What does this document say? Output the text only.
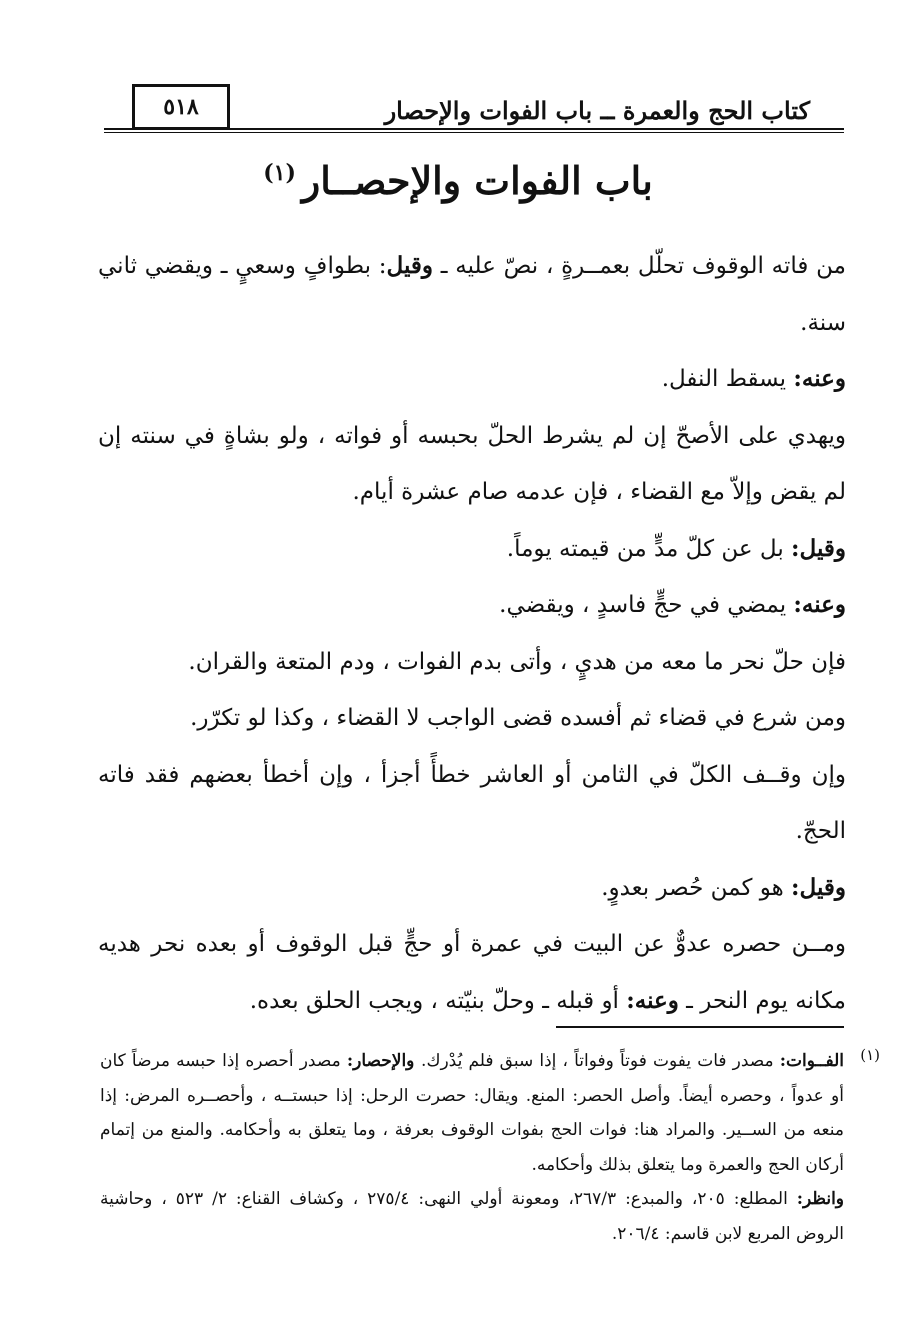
٥١٨	كتاب الحج والعمرة ــ باب الفوات والإحصار
باب الفوات والإحصــار$^{(١)}$

من فاته الوقوف تحلّل بعمــرةٍ ، نصّ عليه ـ وقيل: بطوافٍ وسعيٍ ـ ويقضي ثاني سنة.

وعنه: يسقط النفل.

ويهدي على الأصحّ إن لم يشرط الحلّ بحبسه أو فواته ، ولو بشاةٍ في سنته إن لم يقض وإلاّ مع القضاء ، فإن عدمه صام عشرة أيام.

وقيل: بل عن كلّ مدٍّ من قيمته يوماً.

وعنه: يمضي في حجٍّ فاسدٍ ، ويقضي.

فإن حلّ نحر ما معه من هديٍ ، وأتى بدم الفوات ، ودم المتعة والقران.

ومن شرع في قضاء ثم أفسده قضى الواجب لا القضاء ، وكذا لو تكرّر.

وإن وقــف الكلّ في الثامن أو العاشر خطأً أجزأ ، وإن أخطأ بعضهم فقد فاته الحجّ.

وقيل: هو كمن حُصر بعدوٍ.

ومــن حصره عدوٌّ عن البيت في عمرة أو حجٍّ قبل الوقوف أو بعده نحر هديه مكانه يوم النحر ـ وعنه: أو قبله ـ وحلّ بنيّته ، ويجب الحلق بعده.

(١)

الفــوات: مصدر فات يفوت فوتاً وفواتاً ، إذا سبق فلم يُدْرك. والإحصار: مصدر أحصره إذا حبسه مرضاً كان أو عدواً ، وحصره أيضاً. وأصل الحصر: المنع. ويقال: حصرت الرحل: إذا حبستــه ، وأحصــره المرض: إذا منعه من الســير. والمراد هنا: فوات الحج بفوات الوقوف بعرفة ، وما يتعلق به وأحكامه. والمنع من إتمام أركان الحج والعمرة وما يتعلق بذلك وأحكامه.

وانظر: المطلع: ٢٠٥، والمبدع: ٢٦٧/٣، ومعونة أولي النهى: ٢٧٥/٤ ، وكشاف القناع: ٢/ ٥٢٣ ، وحاشية الروض المربع لابن قاسم: ٢٠٦/٤.
